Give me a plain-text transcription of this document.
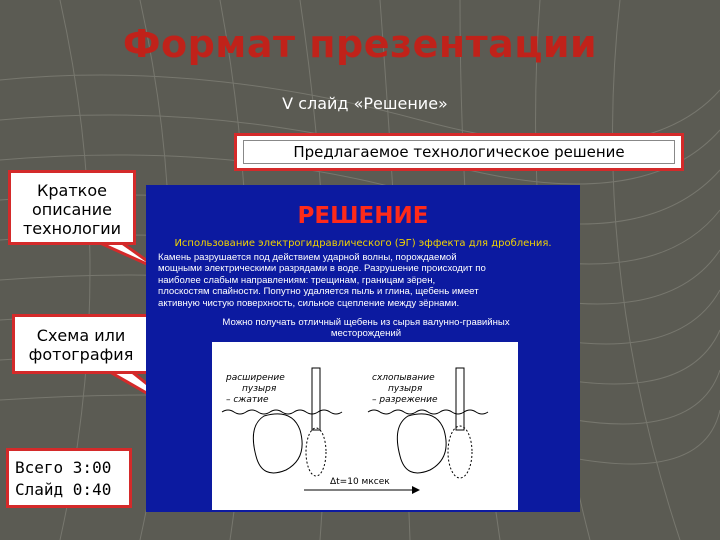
Формат презентации
V слайд «Решение»
Предлагаемое технологическое решение
Краткое
описание
технологии
Схема или
фотография
Всего 3:00
Слайд 0:40
РЕШЕНИЕ
Использование электрогидравлического (ЭГ) эффекта для дробления.
Камень разрушается под действием ударной волны, порождаемой
мощными электрическими разрядами в воде. Разрушение происходит по
наиболее слабым направлениям: трещинам, границам зёрен,
плоскостям спайности. Попутно удаляется пыль и глина, щебень имеет
активную чистую поверхность, сильное сцепление между зёрнами.
Можно получать отличный щебень из сырья валунно-гравийных
месторождений
расширение
пузыря
– сжатие
схлопывание
пузыря
– разрежение
Δt=10 мксек
